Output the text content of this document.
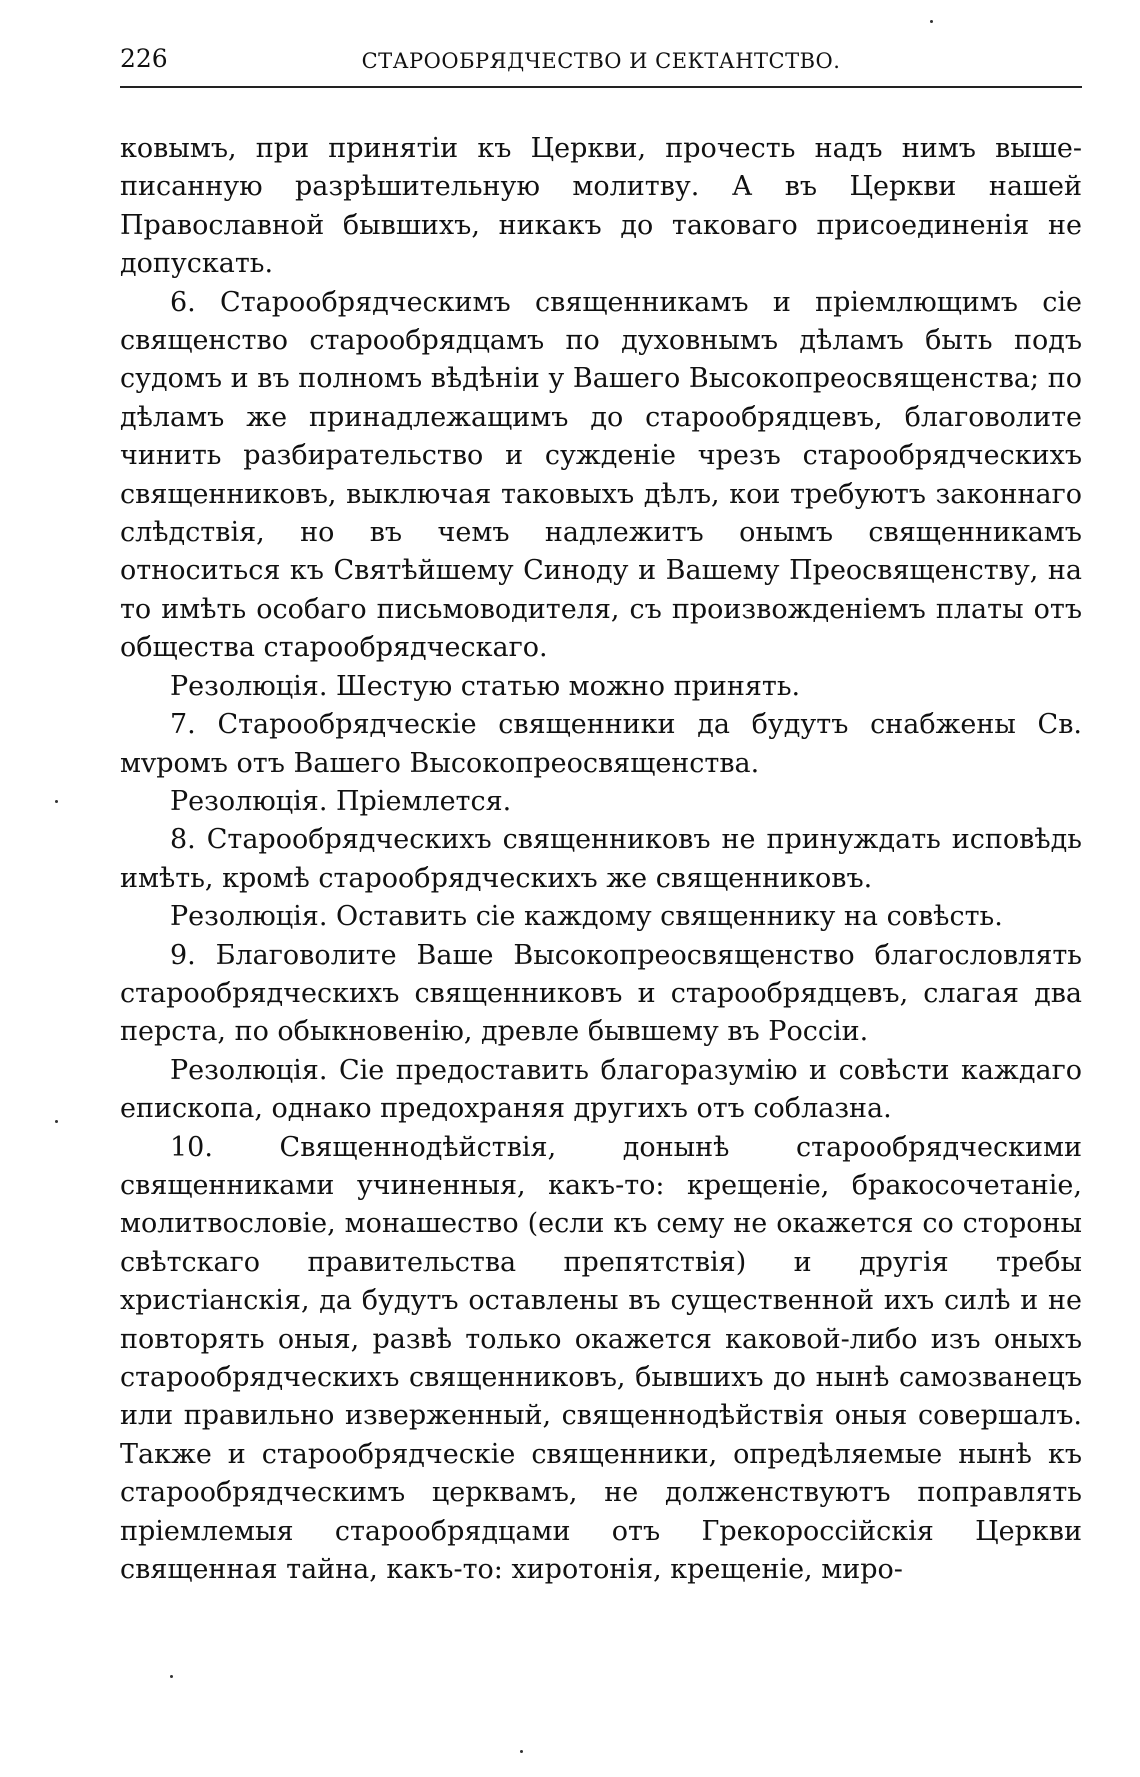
226	СТАРООБРЯДЧЕСТВО И СЕКТАНТСТВО.

ковымъ, при принятіи къ Церкви, прочесть надъ нимъ выше-писанную разрѣшительную молитву. А въ Церкви нашей Православной бывшихъ, никакъ до таковаго присоединенія не допускать.

6. Старообрядческимъ священникамъ и пріемлющимъ сіе священство старообрядцамъ по духовнымъ дѣламъ быть подъ судомъ и въ полномъ вѣдѣніи у Вашего Высокопреосвященства; по дѣламъ же принадлежащимъ до старообрядцевъ, благоволите чинить разбирательство и сужденіе чрезъ старообрядческихъ священниковъ, выключая таковыхъ дѣлъ, кои требуютъ законнаго слѣдствія, но въ чемъ надлежитъ онымъ священникамъ относиться къ Святѣйшему Синоду и Вашему Преосвященству, на то имѣть особаго письмоводителя, съ произвожденіемъ платы отъ общества старообрядческаго.

Резолюція. Шестую статью можно принять.

7. Старообрядческіе священники да будутъ снабжены Св. мvромъ отъ Вашего Высокопреосвященства.

Резолюція. Пріемлется.

8. Старообрядческихъ священниковъ не принуждать исповѣдь имѣть, кромѣ старообрядческихъ же священниковъ.

Резолюція. Оставить сіе каждому священнику на совѣсть.

9. Благоволите Ваше Высокопреосвященство благословлять старообрядческихъ священниковъ и старообрядцевъ, слагая два перста, по обыкновенію, древле бывшему въ Россіи.

Резолюція. Сіе предоставить благоразумію и совѣсти каждаго епископа, однако предохраняя другихъ отъ соблазна.

10. Священнодѣйствія, донынѣ старообрядческими священниками учиненныя, какъ-то: крещеніе, бракосочетаніе, молитвословіе, монашество (если къ сему не окажется со стороны свѣтскаго правительства препятствія) и другія требы христіанскія, да будутъ оставлены въ существенной ихъ силѣ и не повторять оныя, развѣ только окажется каковой-либо изъ оныхъ старообрядческихъ священниковъ, бывшихъ до нынѣ самозванецъ или правильно изверженный, священнодѣйствія оныя совершалъ. Также и старообрядческіе священники, опредѣляемые нынѣ къ старообрядческимъ церквамъ, не долженствуютъ поправлять пріемлемыя старообрядцами отъ Грекороссійскія Церкви священная тайна, какъ-то: хиротонія, крещеніе, миро-
